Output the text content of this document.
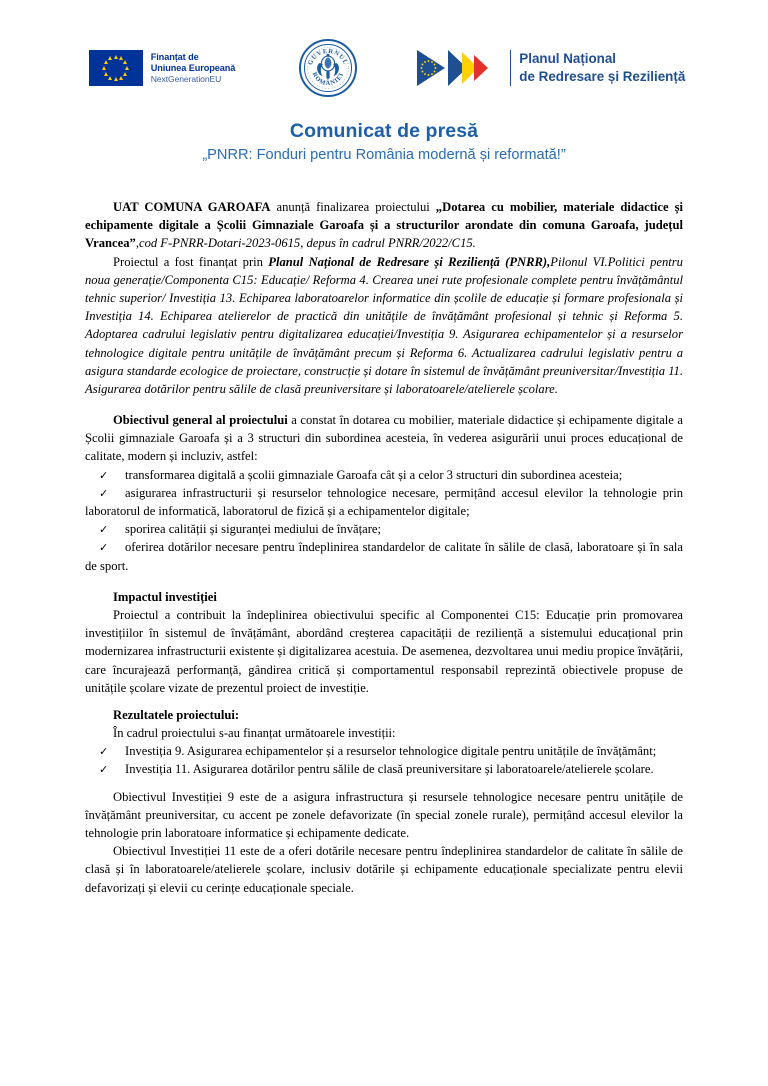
Finanțat de
Uniunea Europeană
NextGenerationEU
GUVERNUL
ROMÂNIEI
Planul Național
de Redresare și Reziliență
Comunicat de presă

„PNRR: Fonduri pentru România modernă și reformată!”

UAT COMUNA GAROAFA anunță finalizarea proiectului „Dotarea cu mobilier, materiale didactice și echipamente digitale a Școlii Gimnaziale Garoafa și a structurilor arondate din comuna Garoafa, județul Vrancea”,cod F-PNRR-Dotari-2023-0615, depus în cadrul PNRR/2022/C15.

Proiectul a fost finanțat prin Planul Național de Redresare și Reziliență (PNRR),Pilonul VI.Politici pentru noua generație/Componenta C15: Educație/ Reforma 4. Crearea unei rute profesionale complete pentru învățământul tehnic superior/ Investiția 13. Echiparea laboratoarelor informatice din școlile de educație și formare profesionala și Investiția 14. Echiparea atelierelor de practică din unitățile de învățământ profesional și tehnic și Reforma 5. Adoptarea cadrului legislativ pentru digitalizarea educației/Investiția 9. Asigurarea echipamentelor și a resurselor tehnologice digitale pentru unitățile de învățământ precum și Reforma 6. Actualizarea cadrului legislativ pentru a asigura standarde ecologice de proiectare, construcție și dotare în sistemul de învățământ preuniversitar/Investiția 11. Asigurarea dotărilor pentru sălile de clasă preuniversitare și laboratoarele/atelierele școlare.

Obiectivul general al proiectului a constat în dotarea cu mobilier, materiale didactice și echipamente digitale a Școlii gimnaziale Garoafa și a 3 structuri din subordinea acesteia, în vederea asigurării unui proces educațional de calitate, modern și incluziv, astfel:

✓ transformarea digitală a școlii gimnaziale Garoafa cât și a celor 3 structuri din subordinea acesteia;
✓ asigurarea infrastructurii și resurselor tehnologice necesare, permițând accesul elevilor la tehnologie prin laboratorul de informatică, laboratorul de fizică și a echipamentelor digitale;
✓ sporirea calității și siguranței mediului de învățare;
✓ oferirea dotărilor necesare pentru îndeplinirea standardelor de calitate în sălile de clasă, laboratoare și în sala de sport.

Impactul investiției

Proiectul a contribuit la îndeplinirea obiectivului specific al Componentei C15: Educație prin promovarea investițiilor în sistemul de învățământ, abordând creșterea capacității de reziliență a sistemului educațional prin modernizarea infrastructurii existente și digitalizarea acestuia. De asemenea, dezvoltarea unui mediu propice învățării, care încurajează performanță, gândirea critică și comportamentul responsabil reprezintă obiectivele propuse de unitățile școlare vizate de prezentul proiect de investiție.

Rezultatele proiectului:

În cadrul proiectului s-au finanțat următoarele investiții:

✓ Investiția 9. Asigurarea echipamentelor și a resurselor tehnologice digitale pentru unitățile de învățământ;
✓ Investiția 11. Asigurarea dotărilor pentru sălile de clasă preuniversitare și laboratoarele/atelierele școlare.

Obiectivul Investiției 9 este de a asigura infrastructura și resursele tehnologice necesare pentru unitățile de învățământ preuniversitar, cu accent pe zonele defavorizate (în special zonele rurale), permițând accesul elevilor la tehnologie prin laboratoare informatice și echipamente dedicate.

Obiectivul Investiției 11 este de a oferi dotările necesare pentru îndeplinirea standardelor de calitate în sălile de clasă și în laboratoarele/atelierele școlare, inclusiv dotările și echipamente educaționale specializate pentru elevii defavorizați și elevii cu cerințe educaționale speciale.
